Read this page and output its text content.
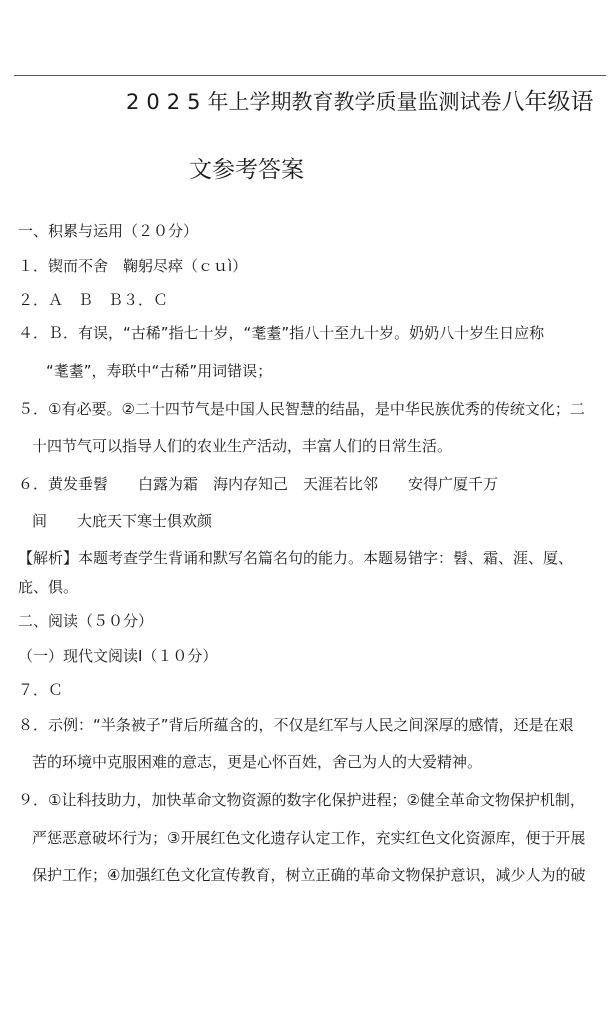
2025年上学期教育教学质量监测试卷八年级语
文参考答案
一、积累与运用（２０分）
１．锲而不舍　鞠躬尽瘁（ｃｕì）
２．Ａ　Ｂ　Ｂ３．Ｃ
４．Ｂ．有误，“古稀”指七十岁，“耄耋”指八十至九十岁。奶奶八十岁生日应称
“耄耋”，寿联中“古稀”用词错误；
５．①有必要。②二十四节气是中国人民智慧的结晶，是中华民族优秀的传统文化；二
十四节气可以指导人们的农业生产活动，丰富人们的日常生活。
６．黄发垂髫　　白露为霜　海内存知己　天涯若比邻　　安得广厦千万
间　　大庇天下寒士俱欢颜
【解析】本题考查学生背诵和默写名篇名句的能力。本题易错字：髫、霜、涯、厦、
庇、俱。
二、阅读（５０分）
（一）现代文阅读Ⅰ（１０分）
７．Ｃ
８．示例：“半条被子”背后所蕴含的，不仅是红军与人民之间深厚的感情，还是在艰
苦的环境中克服困难的意志，更是心怀百姓，舍己为人的大爱精神。
９．①让科技助力，加快革命文物资源的数字化保护进程；②健全革命文物保护机制，
严惩恶意破坏行为；③开展红色文化遗存认定工作，充实红色文化资源库，便于开展
保护工作；④加强红色文化宣传教育，树立正确的革命文物保护意识，减少人为的破
